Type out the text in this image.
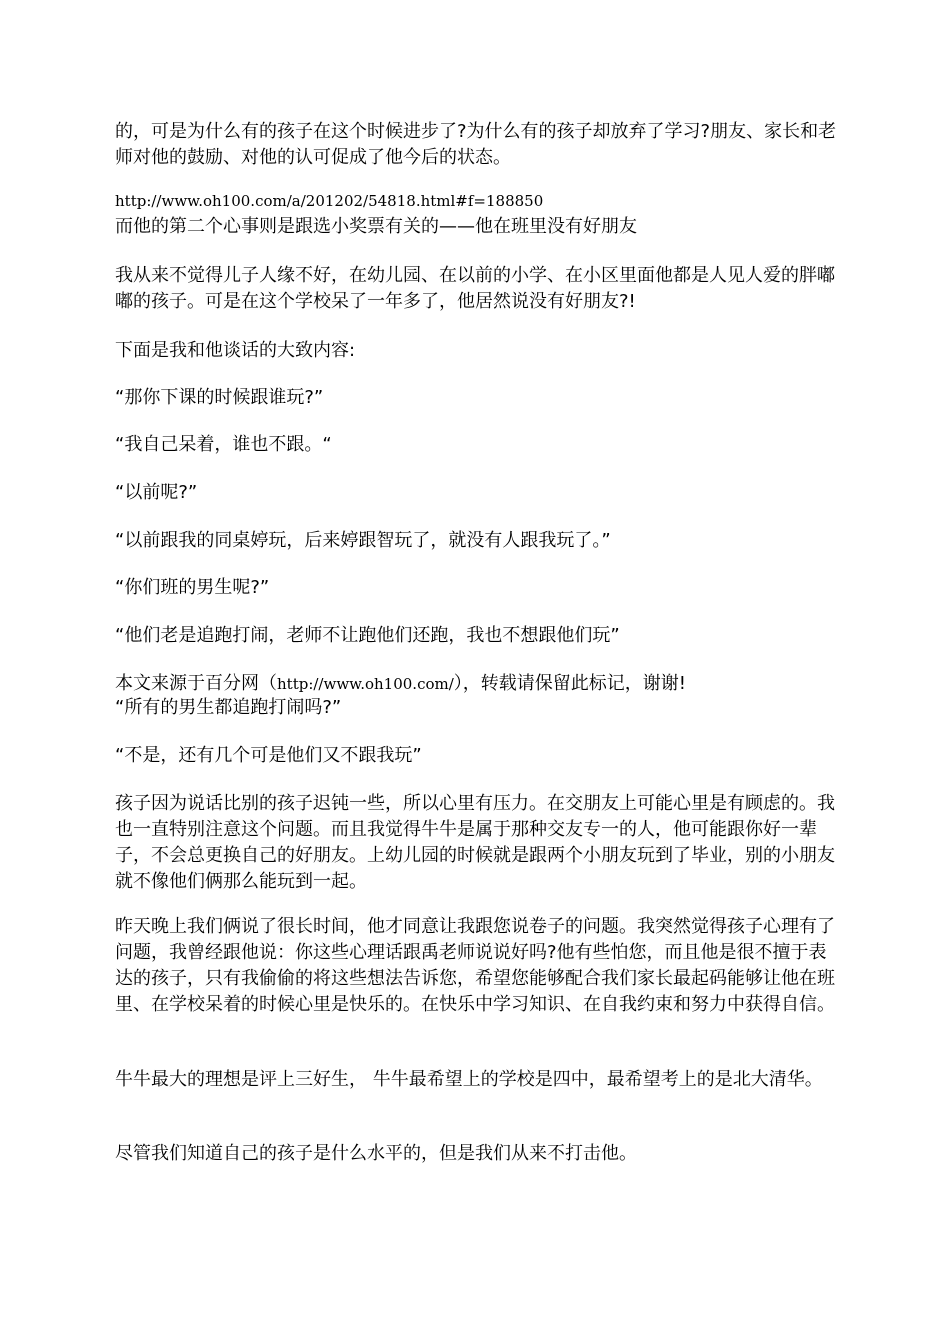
的，可是为什么有的孩子在这个时候进步了?为什么有的孩子却放弃了学习?朋友、家长和老师对他的鼓励、对他的认可促成了他今后的状态。

http://www.oh100.com/a/201202/54818.html#f=188850

而他的第二个心事则是跟选小奖票有关的——他在班里没有好朋友

我从来不觉得儿子人缘不好，在幼儿园、在以前的小学、在小区里面他都是人见人爱的胖嘟嘟的孩子。可是在这个学校呆了一年多了，他居然说没有好朋友?!

下面是我和他谈话的大致内容:

“那你下课的时候跟谁玩?”

“我自己呆着，谁也不跟。“

“以前呢?”

“以前跟我的同桌婷玩，后来婷跟智玩了，就没有人跟我玩了。”

“你们班的男生呢?”

“他们老是追跑打闹，老师不让跑他们还跑，我也不想跟他们玩”

本文来源于百分网（http://www.oh100.com/），转载请保留此标记，谢谢!

“所有的男生都追跑打闹吗?”

“不是，还有几个可是他们又不跟我玩”

孩子因为说话比别的孩子迟钝一些，所以心里有压力。在交朋友上可能心里是有顾虑的。我也一直特别注意这个问题。而且我觉得牛牛是属于那种交友专一的人，他可能跟你好一辈子，不会总更换自己的好朋友。上幼儿园的时候就是跟两个小朋友玩到了毕业，别的小朋友就不像他们俩那么能玩到一起。

昨天晚上我们俩说了很长时间，他才同意让我跟您说卷子的问题。我突然觉得孩子心理有了问题，我曾经跟他说：你这些心理话跟禹老师说说好吗?他有些怕您，而且他是很不擅于表达的孩子，只有我偷偷的将这些想法告诉您，希望您能够配合我们家长最起码能够让他在班里、在学校呆着的时候心里是快乐的。在快乐中学习知识、在自我约束和努力中获得自信。

牛牛最大的理想是评上三好生， 牛牛最希望上的学校是四中，最希望考上的是北大清华。

尽管我们知道自己的孩子是什么水平的，但是我们从来不打击他。
